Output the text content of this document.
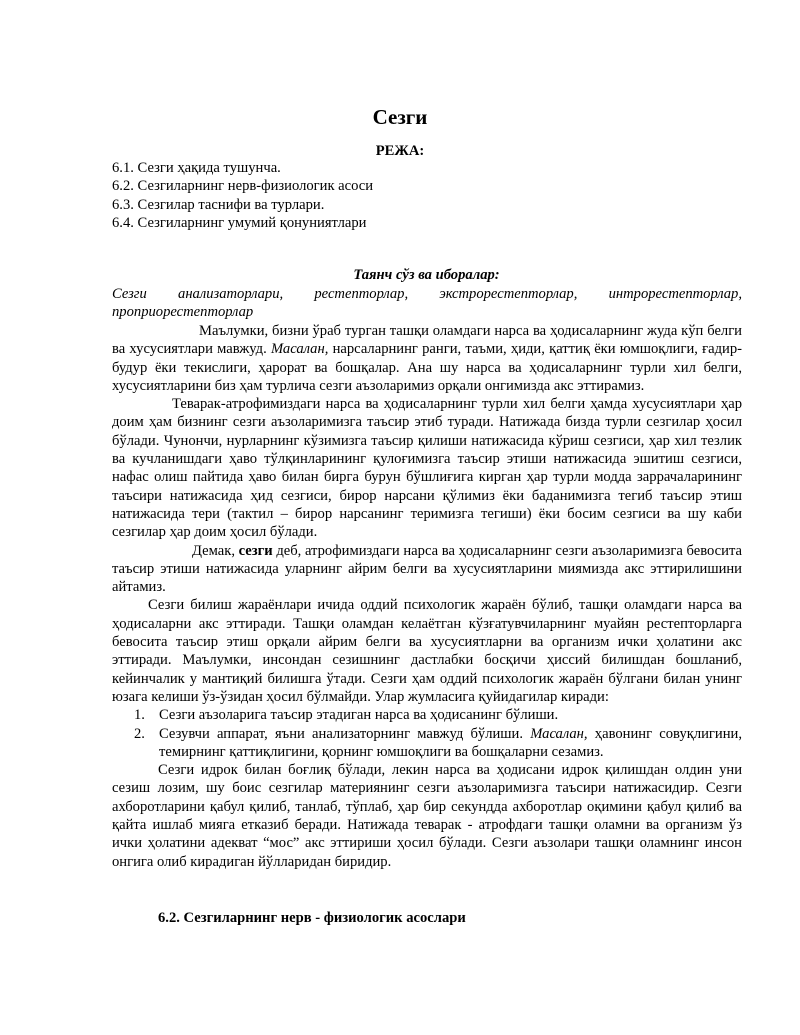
Сезги
РЕЖА:
6.1. Сезги ҳақида тушунча.
6.2. Сезгиларнинг нерв-физиологик асоси
6.3. Сезгилар таснифи ва турлари.
6.4. Сезгиларнинг умумий қонуниятлари
Таянч сўз ва иборалар:
Сезги анализаторлари, рестепторлар, экстрорестепторлар, интрорестепторлар, проприорестепторлар

Маълумки, бизни ўраб турган ташқи оламдаги нарса ва ҳодисаларнинг жуда кўп белги ва хусусиятлари мавжуд. Масалан, нарсаларнинг ранги, таъми, ҳиди, қаттиқ ёки юмшоқлиги, ғадир-будур ёки текислиги, ҳарорат ва бошқалар. Ана шу нарса ва ҳодисаларнинг турли хил белги, хусусиятларини биз ҳам турлича сезги аъзоларимиз орқали онгимизда акс эттирамиз.

Теварак-атрофимиздаги нарса ва ҳодисаларнинг турли хил белги ҳамда хусусиятлари ҳар доим ҳам бизнинг сезги аъзоларимизга таъсир этиб туради. Натижада бизда турли сезгилар ҳосил бўлади. Чунончи, нурларнинг кўзимизга таъсир қилиши натижасида кўриш сезгиси, ҳар хил тезлик ва кучланишдаги ҳаво тўлқинларининг қулоғимизга таъсир этиши натижасида эшитиш сезгиси, нафас олиш пайтида ҳаво билан бирга бурун бўшлиғига кирган ҳар турли модда заррачаларининг таъсири натижасида ҳид сезгиси, бирор нарсани қўлимиз ёки баданимизга тегиб таъсир этиш натижасида тери (тактил – бирор нарсанинг теримизга тегиши) ёки босим сезгиси ва шу каби сезгилар ҳар доим ҳосил бўлади.

Демак, сезги деб, атрофимиздаги нарса ва ҳодисаларнинг сезги аъзоларимизга бевосита таъсир этиши натижасида уларнинг айрим белги ва хусусиятларини миямизда акс эттирилишини айтамиз.

Сезги билиш жараёнлари ичида оддий психологик жараён бўлиб, ташқи оламдаги нарса ва ҳодисаларни акс эттиради. Ташқи оламдан келаётган кўзғатувчиларнинг муайян рестепторларга бевосита таъсир этиш орқали айрим белги ва хусусиятларни ва организм ички ҳолатини акс эттиради. Маълумки, инсондан сезишнинг дастлабки босқичи ҳиссий билишдан бошланиб, кейинчалик у мантиқий билишга ўтади. Сезги ҳам оддий психологик жараён бўлгани билан унинг юзага келиши ўз-ўзидан ҳосил бўлмайди. Улар жумласига қуйидагилар киради:

1. Сезги аъзоларига таъсир этадиган нарса ва ҳодисанинг бўлиши.
2. Сезувчи аппарат, яъни анализаторнинг мавжуд бўлиши. Масалан, ҳавонинг совуқлигини, темирнинг қаттиқлигини, қорнинг юмшоқлиги ва бошқаларни сезамиз.

Сезги идрок билан боғлиқ бўлади, лекин нарса ва ҳодисани идрок қилишдан олдин уни сезиш лозим, шу боис сезгилар материянинг сезги аъзоларимизга таъсири натижасидир. Сезги ахборотларини қабул қилиб, танлаб, тўплаб, ҳар бир секундда ахборотлар оқимини қабул қилиб ва қайта ишлаб мияга етказиб беради. Натижада теварак - атрофдаги ташқи оламни ва организм ўз ички ҳолатини адекват “мос” акс эттириши ҳосил бўлади. Сезги аъзолари ташқи оламнинг инсон онгига олиб кирадиган йўлларидан биридир.

6.2. Сезгиларнинг нерв - физиологик асослари
